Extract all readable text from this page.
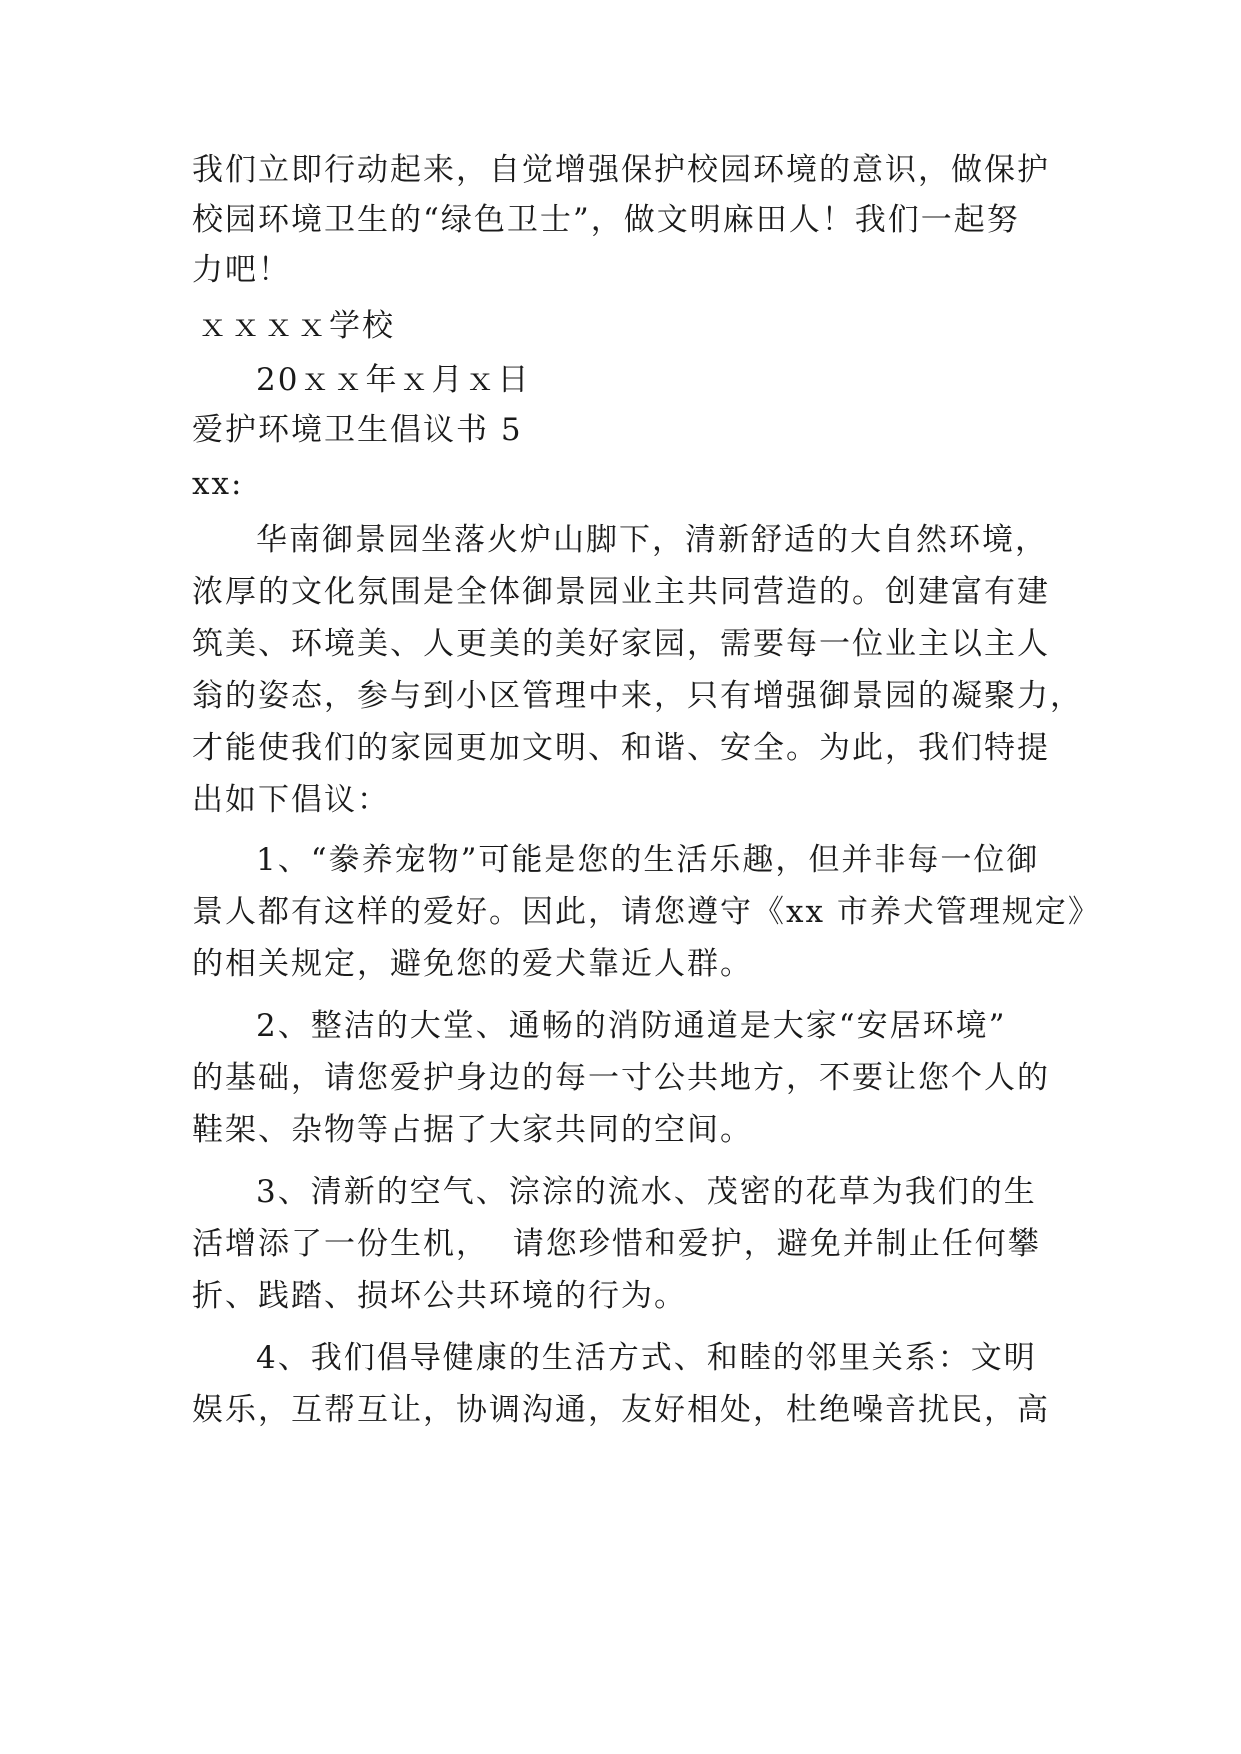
我们立即行动起来，自觉增强保护校园环境的意识，做保护

校园环境卫生的“绿色卫士”，做文明麻田人！我们一起努

力吧！

ｘｘｘｘ学校

20ｘｘ年ｘ月ｘ日

爱护环境卫生倡议书 5

xx:

华南御景园坐落火炉山脚下，清新舒适的大自然环境，

浓厚的文化氛围是全体御景园业主共同营造的。创建富有建

筑美、环境美、人更美的美好家园，需要每一位业主以主人

翁的姿态，参与到小区管理中来，只有增强御景园的凝聚力，

才能使我们的家园更加文明、和谐、安全。为此，我们特提

出如下倡议：

1、“豢养宠物”可能是您的生活乐趣，但并非每一位御

景人都有这样的爱好。因此，请您遵守《xx 市养犬管理规定》

的相关规定，避免您的爱犬靠近人群。

2、整洁的大堂、通畅的消防通道是大家“安居环境”

的基础，请您爱护身边的每一寸公共地方，不要让您个人的

鞋架、杂物等占据了大家共同的空间。

3、清新的空气、淙淙的流水、茂密的花草为我们的生

活增添了一份生机，  请您珍惜和爱护，避免并制止任何攀

折、践踏、损坏公共环境的行为。

4、我们倡导健康的生活方式、和睦的邻里关系：文明

娱乐，互帮互让，协调沟通，友好相处，杜绝噪音扰民，高
